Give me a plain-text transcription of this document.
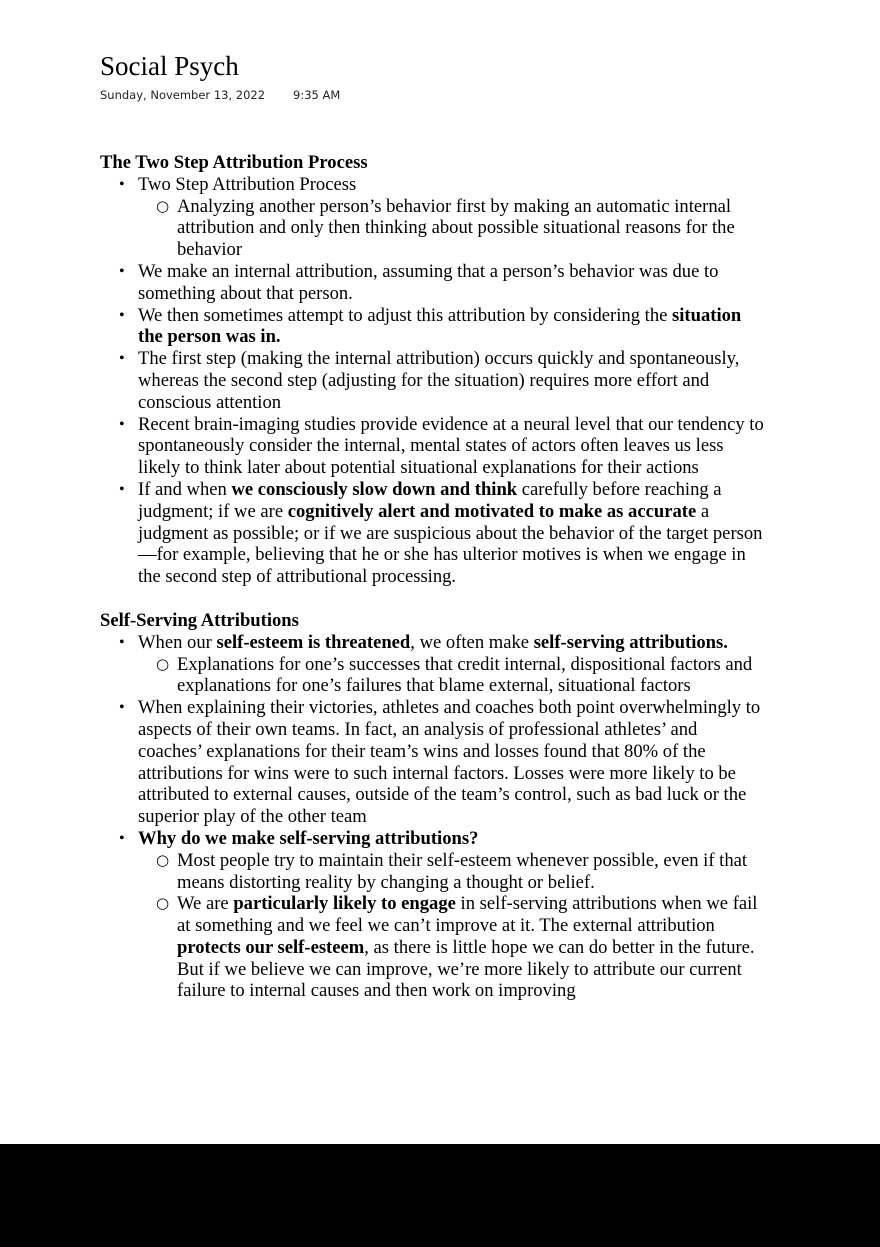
Social Psych
Sunday, November 13, 2022 9:35 AM
The Two Step Attribution Process
• Two Step Attribution Process
○ Analyzing another person’s behavior first by making an automatic internal attribution and only then thinking about possible situational reasons for the behavior
• We make an internal attribution, assuming that a person’s behavior was due to something about that person.
• We then sometimes attempt to adjust this attribution by considering the situation the person was in.
• The first step (making the internal attribution) occurs quickly and spontaneously, whereas the second step (adjusting for the situation) requires more effort and conscious attention
• Recent brain-imaging studies provide evidence at a neural level that our tendency to spontaneously consider the internal, mental states of actors often leaves us less likely to think later about potential situational explanations for their actions
• If and when we consciously slow down and think carefully before reaching a judgment; if we are cognitively alert and motivated to make as accurate a judgment as possible; or if we are suspicious about the behavior of the target person—for example, believing that he or she has ulterior motives is when we engage in the second step of attributional processing.
Self-Serving Attributions
• When our self-esteem is threatened, we often make self-serving attributions.
○ Explanations for one’s successes that credit internal, dispositional factors and explanations for one’s failures that blame external, situational factors
• When explaining their victories, athletes and coaches both point overwhelmingly to aspects of their own teams. In fact, an analysis of professional athletes’ and coaches’ explanations for their team’s wins and losses found that 80% of the attributions for wins were to such internal factors. Losses were more likely to be attributed to external causes, outside of the team’s control, such as bad luck or the superior play of the other team
• Why do we make self-serving attributions?
○ Most people try to maintain their self-esteem whenever possible, even if that means distorting reality by changing a thought or belief.
○ We are particularly likely to engage in self-serving attributions when we fail at something and we feel we can’t improve at it. The external attribution protects our self-esteem, as there is little hope we can do better in the future. But if we believe we can improve, we’re more likely to attribute our current failure to internal causes and then work on improving
